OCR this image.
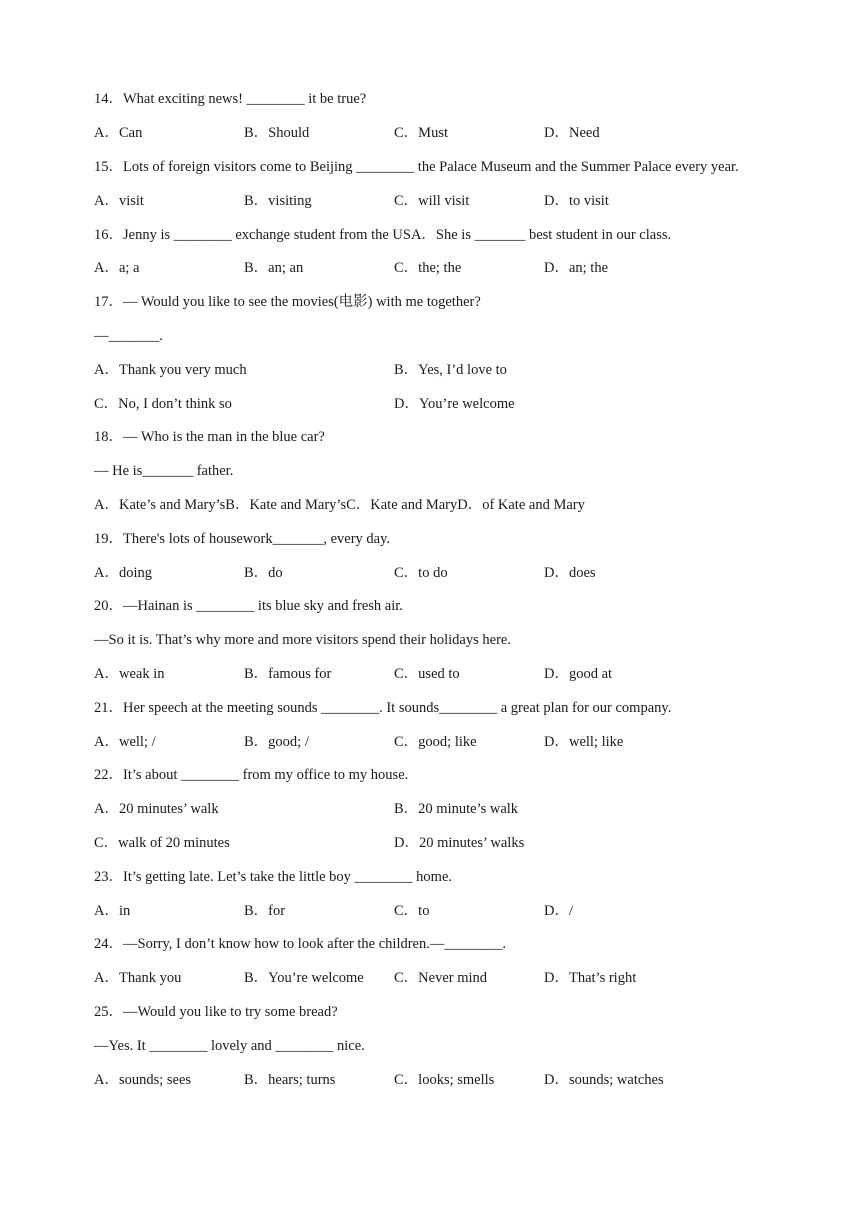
14．What exciting news! ________ it be true?
A．Can	B．Should	C．Must	D．Need
15．Lots of foreign visitors come to Beijing ________ the Palace Museum and the Summer Palace every year.
A．visit	B．visiting	C．will visit	D．to visit
16．Jenny is ________ exchange student from the USA．She is _______ best student in our class.
A．a; a	B．an; an	C．the; the	D．an; the
17．— Would you like to see the movies(电影) with me together?
—_______.
A．Thank you very much	B．Yes, I’d love to
C．No, I don’t think so	D．You’re welcome
18．— Who is the man in the blue car?
— He is_______ father.
A．Kate’s and Mary’sB．Kate and Mary’sC．Kate and MaryD．of Kate and Mary
19．There's lots of housework_______, every day.
A．doing	B．do	C．to do	D．does
20．—Hainan is ________ its blue sky and fresh air.
—So it is. That’s why more and more visitors spend their holidays here.
A．weak in	B．famous for	C．used to	D．good at
21．Her speech at the meeting sounds ________. It sounds________ a great plan for our company.
A．well; /	B．good; /	C．good; like	D．well; like
22．It’s about ________ from my office to my house.
A．20 minutes’ walk	B．20 minute’s walk
C．walk of 20 minutes	D．20 minutes’ walks
23．It’s getting late. Let’s take the little boy ________ home.
A．in	B．for	C．to	D．/
24．—Sorry, I don’t know how to look after the children.—________.
A．Thank you	B．You’re welcome C．Never mind	D．That’s right
25．—Would you like to try some bread?
—Yes. It ________ lovely and ________ nice.
A．sounds; sees	B．hears; turns	C．looks; smells	D．sounds; watches
